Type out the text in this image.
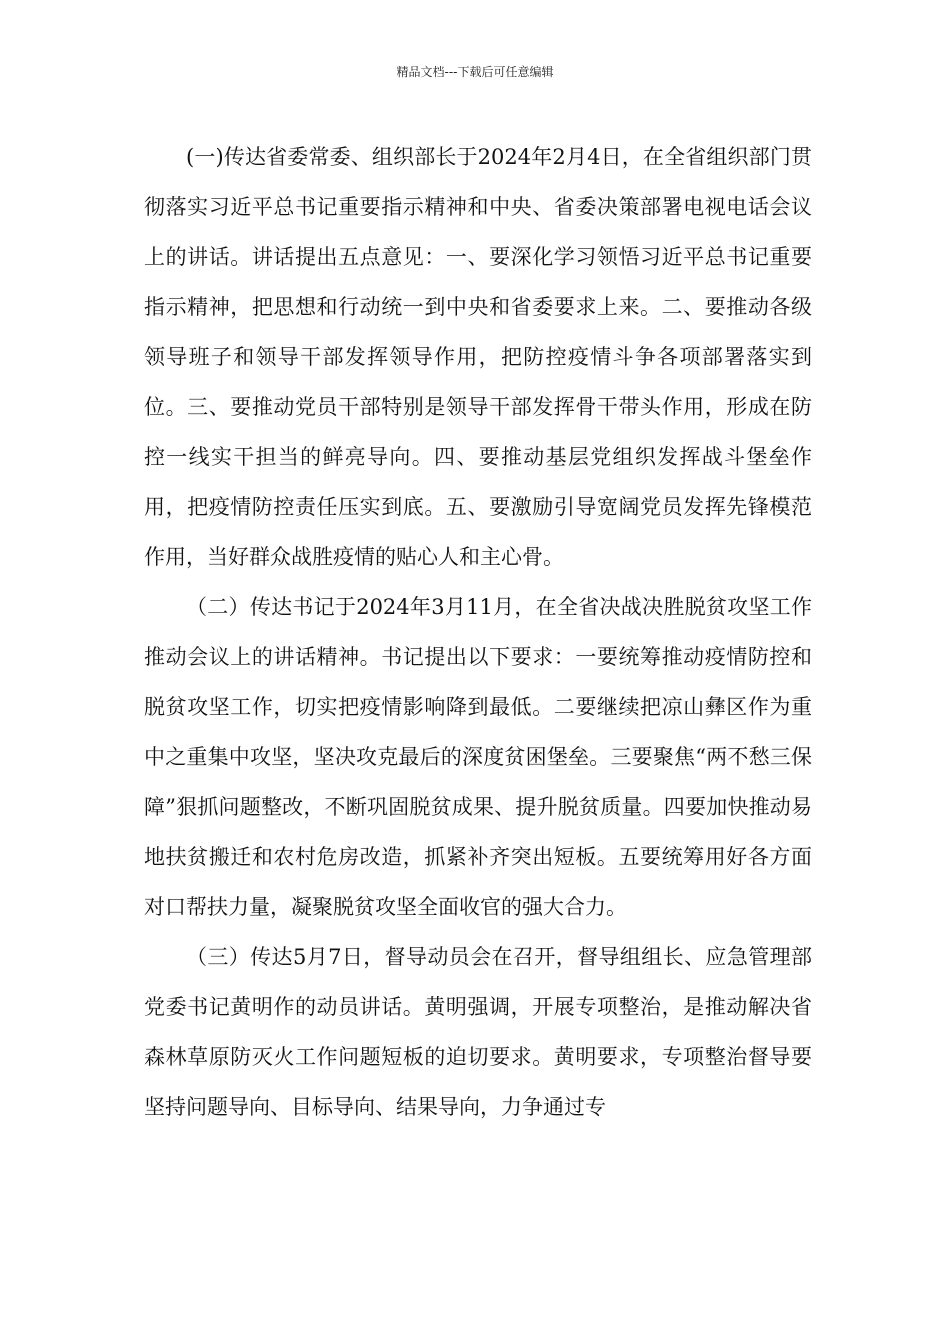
精品文档---下载后可任意编辑

(一)传达省委常委、组织部长于2024年2月4日，在全省组织部门贯彻落实习近平总书记重要指示精神和中央、省委决策部署电视电话会议上的讲话。讲话提出五点意见：一、要深化学习领悟习近平总书记重要指示精神，把思想和行动统一到中央和省委要求上来。二、要推动各级领导班子和领导干部发挥领导作用，把防控疫情斗争各项部署落实到位。三、要推动党员干部特别是领导干部发挥骨干带头作用，形成在防控一线实干担当的鲜亮导向。四、要推动基层党组织发挥战斗堡垒作用，把疫情防控责任压实到底。五、要激励引导宽阔党员发挥先锋模范作用，当好群众战胜疫情的贴心人和主心骨。

（二）传达书记于2024年3月11月，在全省决战决胜脱贫攻坚工作推动会议上的讲话精神。书记提出以下要求：一要统筹推动疫情防控和脱贫攻坚工作，切实把疫情影响降到最低。二要继续把凉山彝区作为重中之重集中攻坚，坚决攻克最后的深度贫困堡垒。三要聚焦“两不愁三保障”狠抓问题整改，不断巩固脱贫成果、提升脱贫质量。四要加快推动易地扶贫搬迁和农村危房改造，抓紧补齐突出短板。五要统筹用好各方面对口帮扶力量，凝聚脱贫攻坚全面收官的强大合力。

（三）传达5月7日，督导动员会在召开，督导组组长、应急管理部党委书记黄明作的动员讲话。黄明强调，开展专项整治，是推动解决省森林草原防灭火工作问题短板的迫切要求。黄明要求，专项整治督导要坚持问题导向、目标导向、结果导向，力争通过专
